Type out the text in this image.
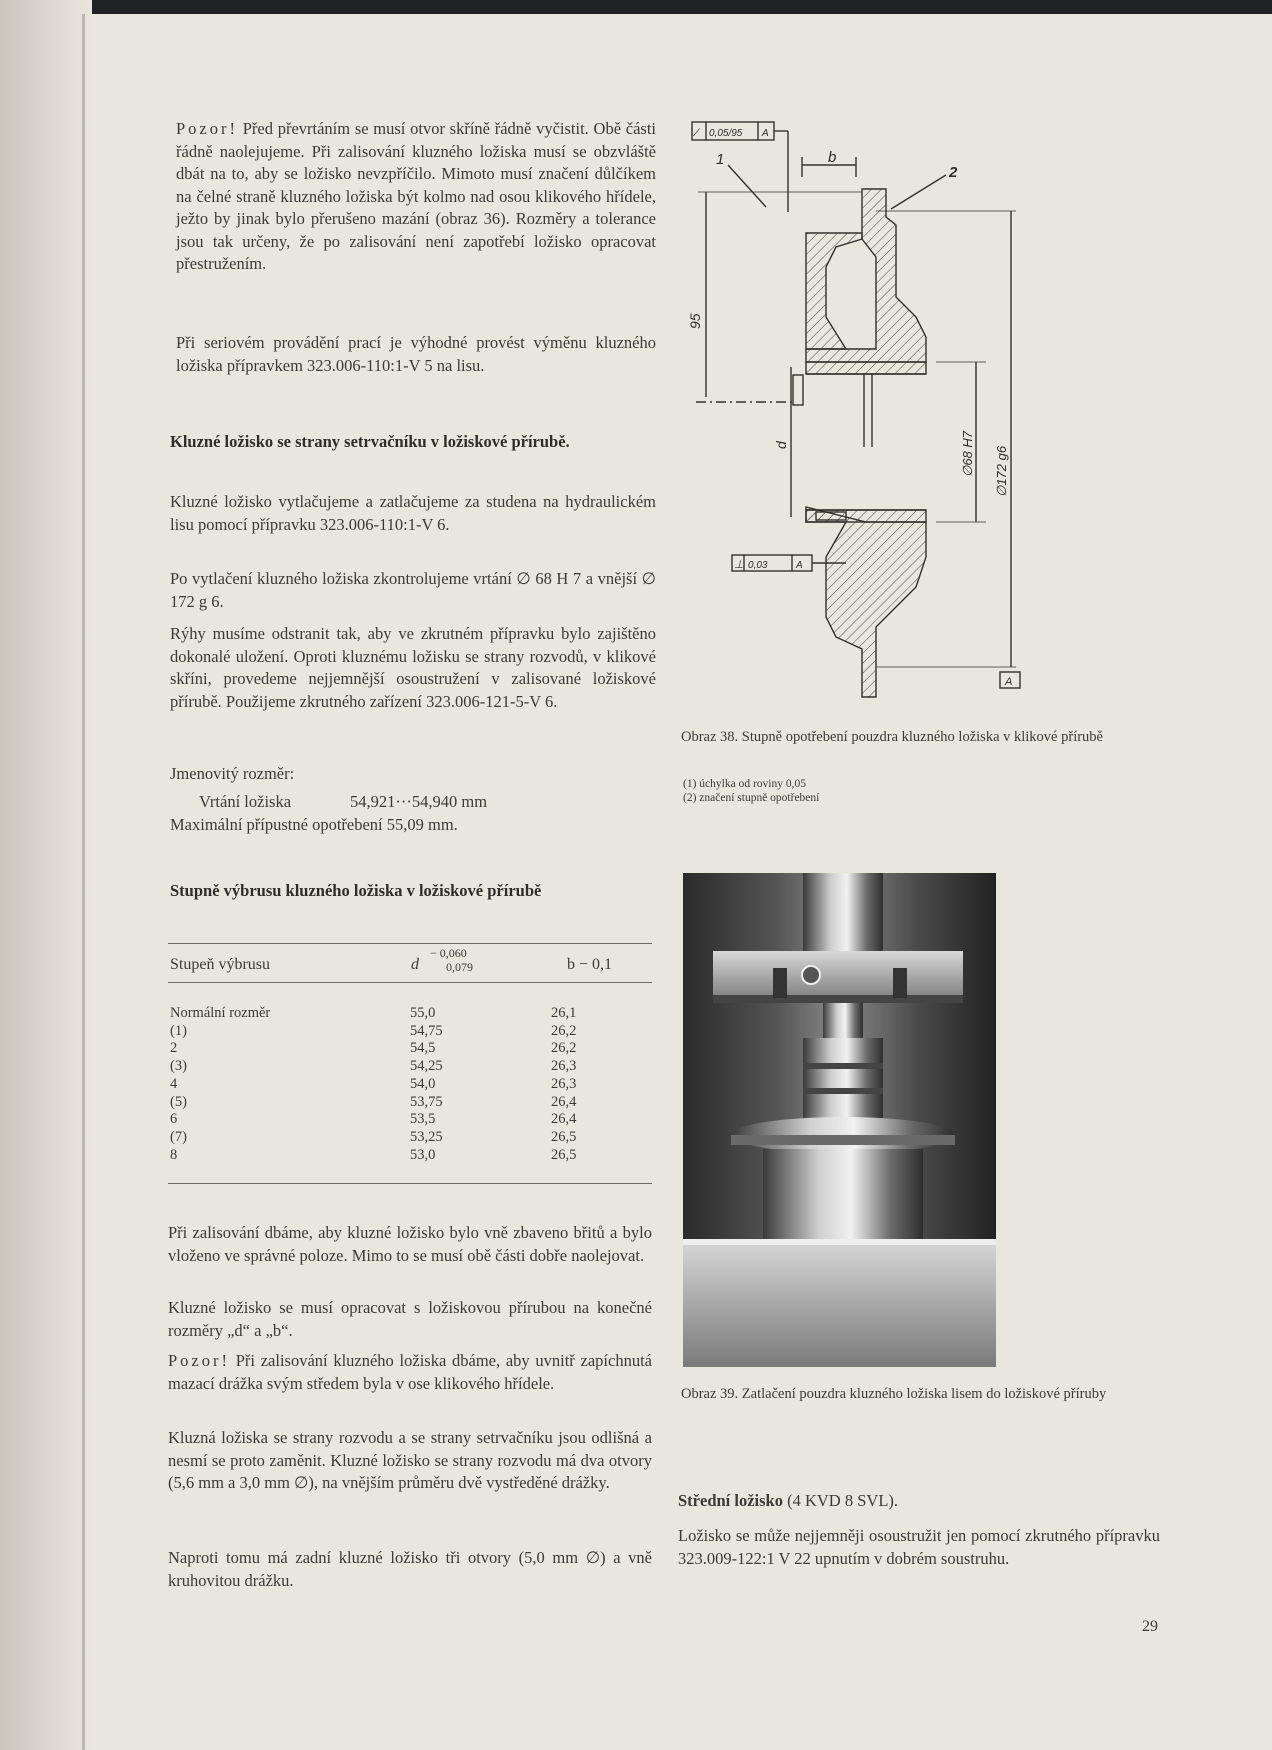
Pozor! Před převrtáním se musí otvor skříně řádně vyčistit. Obě části řádně naolejujeme. Při zalisování kluzného ložiska musí se obzvláště dbát na to, aby se ložisko nevzpříčilo. Mimoto musí značení důlčíkem na čelné straně kluzného ložiska být kolmo nad osou klikového hřídele, ježto by jinak bylo přerušeno mazání (obraz 36). Rozměry a tolerance jsou tak určeny, že po zalisování není zapotřebí ložisko opracovat přestružením.

Při seriovém provádění prací je výhodné provést výměnu kluzného ložiska přípravkem 323.006-110:1-V 5 na lisu.

Kluzné ložisko se strany setrvačníku v ložiskové přírubě.

Kluzné ložisko vytlačujeme a zatlačujeme za studena na hydraulickém lisu pomocí přípravku 323.006-110:1-V 6.

Po vytlačení kluzného ložiska zkontrolujeme vrtání ∅ 68 H 7 a vnější ∅ 172 g 6.

Rýhy musíme odstranit tak, aby ve zkrutném přípravku bylo zajištěno dokonalé uložení. Oproti kluznému ložisku se strany rozvodů, v klikové skříni, provedeme nejjemnější osoustružení v zalisované ložiskové přírubě. Použijeme zkrutného zařízení 323.006-121-5-V 6.

Jmenovitý rozměr:

Vrtání ložiska	54,921···54,940 mm

Maximální přípustné opotřebení 55,09 mm.

Stupně výbrusu kluzného ložiska v ložiskové přírubě

Stupeň výbrusu	d
− 0,060
0,079	b − 0,1
Normální rozměr	55,0	26,1
(1)	54,75	26,2
2	54,5	26,2
(3)	54,25	26,3
4	54,0	26,3
(5)	53,75	26,4
6	53,5	26,4
(7)	53,25	26,5
8	53,0	26,5

Při zalisování dbáme, aby kluzné ložisko bylo vně zbaveno břitů a bylo vloženo ve správné poloze. Mimo to se musí obě části dobře naolejovat.

Kluzné ložisko se musí opracovat s ložiskovou přírubou na konečné rozměry „d“ a „b“.

Pozor! Při zalisování kluzného ložiska dbáme, aby uvnitř zapíchnutá mazací drážka svým středem byla v ose klikového hřídele.

Kluzná ložiska se strany rozvodu a se strany setrvačníku jsou odlišná a nesmí se proto zaměnit. Kluzné ložisko se strany rozvodu má dva otvory (5,6 mm a 3,0 mm ∅), na vnějším průměru dvě vystředěné drážky.

Naproti tomu má zadní kluzné ložisko tři otvory (5,0 mm ∅) a vně kruhovitou drážku.

⁄	0,05/95 A
1
2
b
95
d	∅68 H7 ∅172 g6
⊥ 0,03	A
A

Obraz 38. Stupně opotřebení pouzdra kluzného ložiska v klikové přírubě

(1) úchylka od roviny 0,05

(2) značení stupně opotřebení

Obraz 39. Zatlačení pouzdra kluzného ložiska lisem do ložiskové příruby

Střední ložisko (4 KVD 8 SVL).

Ložisko se může nejjemněji osoustružit jen pomocí zkrutného přípravku 323.009-122:1 V 22 upnutím v dobrém soustruhu.

29
